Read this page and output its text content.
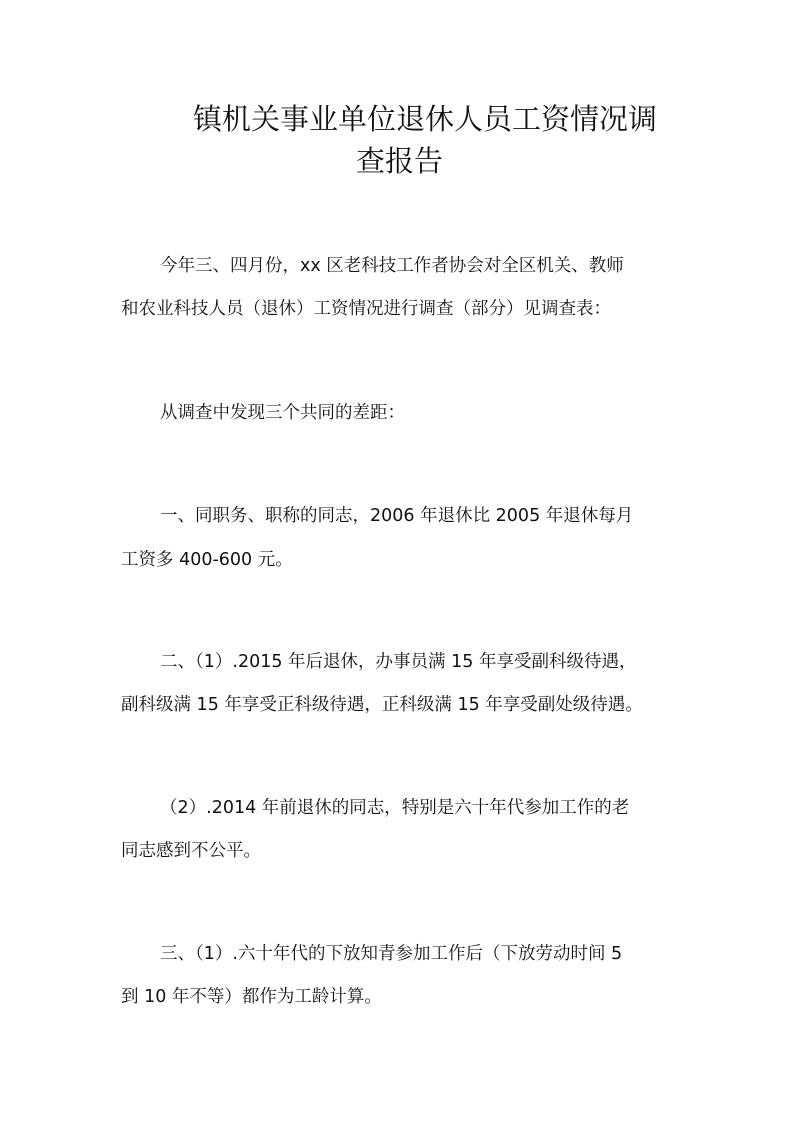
镇机关事业单位退休人员工资情况调
查报告
今年三、四月份，xx 区老科技工作者协会对全区机关、教师
和农业科技人员（退休）工资情况进行调查（部分）见调查表：
从调查中发现三个共同的差距：
一、同职务、职称的同志，2006 年退休比 2005 年退休每月
工资多 400-600 元。
二、（1）.2015 年后退休，办事员满 15 年享受副科级待遇，
副科级满 15 年享受正科级待遇，正科级满 15 年享受副处级待遇。
（2）.2014 年前退休的同志，特别是六十年代参加工作的老
同志感到不公平。
三、（1）.六十年代的下放知青参加工作后（下放劳动时间 5
到 10 年不等）都作为工龄计算。
